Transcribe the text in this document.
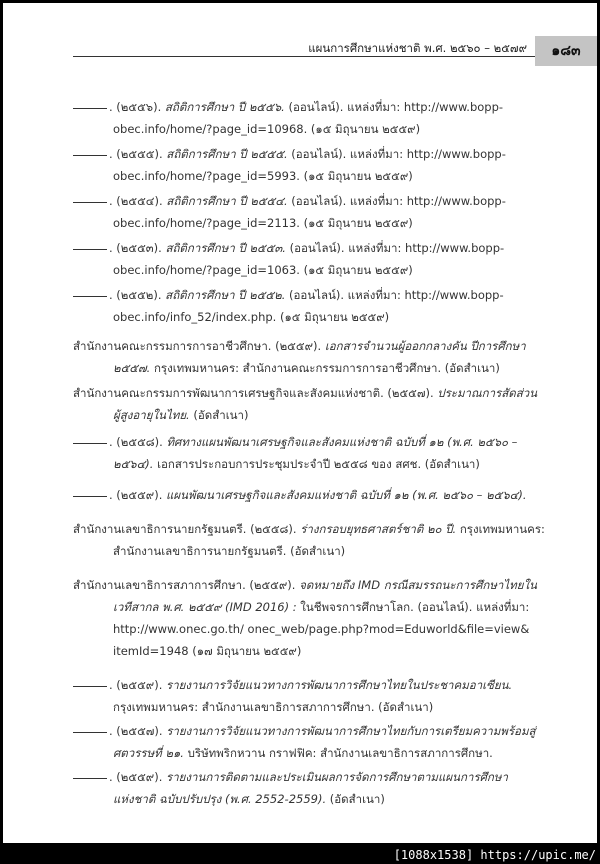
แผนการศึกษาแห่งชาติ พ.ศ. ๒๕๖๐ – ๒๕๗๙ ๑๘๓
. (๒๕๕๖). สถิติการศึกษา ปี ๒๕๕๖. (ออนไลน์). แหล่งที่มา: http://www.bopp-
obec.info/home/?page_id=10968. (๑๕ มิถุนายน ๒๕๕๙)
. (๒๕๕๕). สถิติการศึกษา ปี ๒๕๕๕. (ออนไลน์). แหล่งที่มา: http://www.bopp-
obec.info/home/?page_id=5993. (๑๕ มิถุนายน ๒๕๕๙)
. (๒๕๕๔). สถิติการศึกษา ปี ๒๕๕๔. (ออนไลน์). แหล่งที่มา: http://www.bopp-
obec.info/home/?page_id=2113. (๑๕ มิถุนายน ๒๕๕๙)
. (๒๕๕๓). สถิติการศึกษา ปี ๒๕๕๓. (ออนไลน์). แหล่งที่มา: http://www.bopp-
obec.info/home/?page_id=1063. (๑๕ มิถุนายน ๒๕๕๙)
. (๒๕๕๒). สถิติการศึกษา ปี ๒๕๕๒. (ออนไลน์). แหล่งที่มา: http://www.bopp-
obec.info/info_52/index.php. (๑๕ มิถุนายน ๒๕๕๙)
สำนักงานคณะกรรมการการอาชีวศึกษา. (๒๕๕๙). เอกสารจำนวนผู้ออกกลางคัน ปีการศึกษา
๒๕๕๗. กรุงเทพมหานคร: สำนักงานคณะกรรมการการอาชีวศึกษา. (อัดสำเนา)
สำนักงานคณะกรรมการพัฒนาการเศรษฐกิจและสังคมแห่งชาติ. (๒๕๕๗). ประมาณการสัดส่วน
ผู้สูงอายุในไทย. (อัดสำเนา)
. (๒๕๕๘). ทิศทางแผนพัฒนาเศรษฐกิจและสังคมแห่งชาติ ฉบับที่ ๑๒ (พ.ศ. ๒๕๖๐ –
๒๕๖๔). เอกสารประกอบการประชุมประจำปี ๒๕๕๘ ของ สศช. (อัดสำเนา)
. (๒๕๕๙). แผนพัฒนาเศรษฐกิจและสังคมแห่งชาติ ฉบับที่ ๑๒ (พ.ศ. ๒๕๖๐ – ๒๕๖๔).
สำนักงานเลขาธิการนายกรัฐมนตรี. (๒๕๕๘). ร่างกรอบยุทธศาสตร์ชาติ ๒๐ ปี. กรุงเทพมหานคร:
สำนักงานเลขาธิการนายกรัฐมนตรี. (อัดสำเนา)
สำนักงานเลขาธิการสภาการศึกษา. (๒๕๕๙). จดหมายถึง IMD กรณีสมรรถนะการศึกษาไทยใน
เวทีสากล พ.ศ. ๒๕๕๙ (IMD 2016) : ในชีพจรการศึกษาโลก. (ออนไลน์). แหล่งที่มา:
http://www.onec.go.th/ onec_web/page.php?mod=Eduworld&file=view&
itemId=1948 (๑๗ มิถุนายน ๒๕๕๙)
. (๒๕๕๙). รายงานการวิจัยแนวทางการพัฒนาการศึกษาไทยในประชาคมอาเซียน.
กรุงเทพมหานคร: สำนักงานเลขาธิการสภาการศึกษา. (อัดสำเนา)
. (๒๕๕๗). รายงานการวิจัยแนวทางการพัฒนาการศึกษาไทยกับการเตรียมความพร้อมสู่
ศตวรรษที่ ๒๑. บริษัทพริกหวาน กราฟฟิค: สำนักงานเลขาธิการสภาการศึกษา.
. (๒๕๕๙). รายงานการติดตามและประเมินผลการจัดการศึกษาตามแผนการศึกษา
แห่งชาติ ฉบับปรับปรุง (พ.ศ. 2552-2559). (อัดสำเนา)
[1088x1538] https://upic.me/
